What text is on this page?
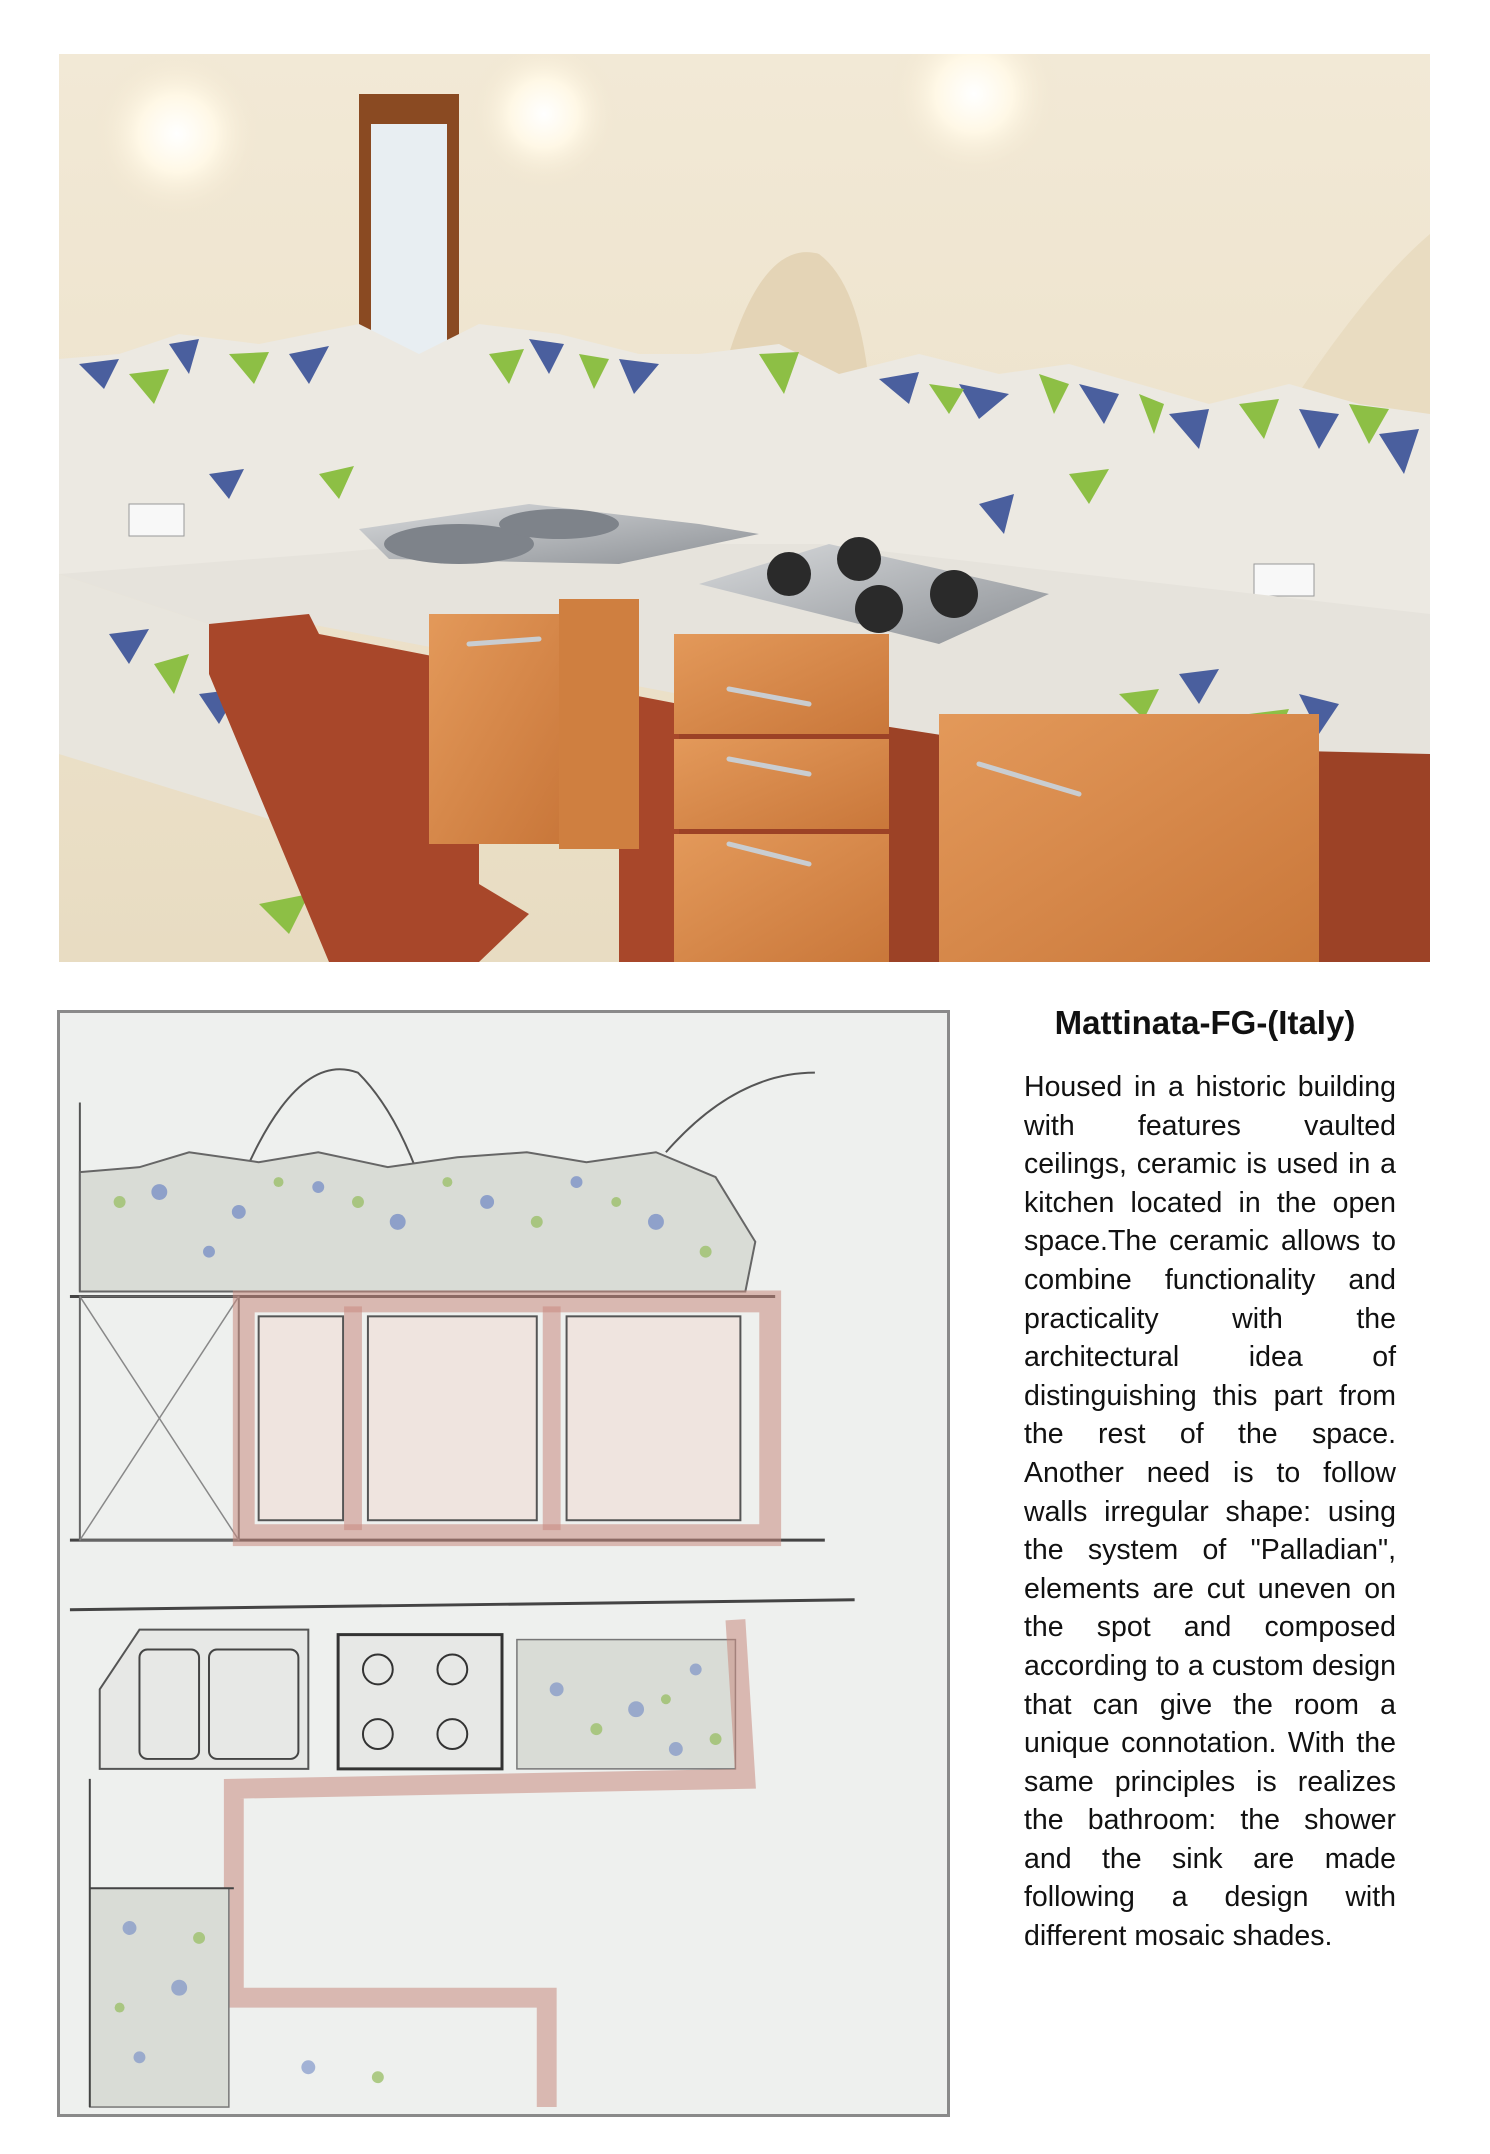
Mattinata-FG-(Italy)

Housed in a historic building with features vaulted ceilings, ceramic is used in a kitchen located in the open space.The ceramic allows to combine functionality and practicality with the architectural idea of distinguishing this part from the rest of the space. Another need is to follow walls irregular shape: using the system of "Palladian", elements are cut uneven on the spot and composed according to a custom design that can give the room a unique connotation. With the same principles is realizes the bathroom: the shower and the sink are made following a design with different mosaic shades.
